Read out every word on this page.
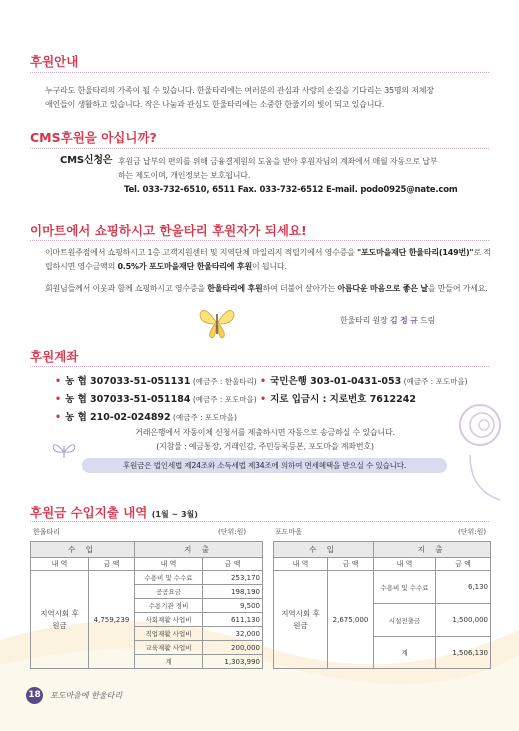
후원안내
누구라도 한울타리의 가족이 될 수 있습니다. 한울타리에는 여러분의 관심과 사랑의 손길을 기다리는 35명의 저체장
애인들이 생활하고 있습니다. 작은 나눔과 관심도 한울타리에는 소중한 한줄기의 빛이 되고 있습니다.
CMS후원을 아십니까?
CMS신청은 후원금 납부의 편의를 위해 금융결제원의 도움을 받아 후원자님의 계좌에서 매월 자동으로 납부
하는 제도이며, 개인정보는 보호됩니다.
Tel. 033-732-6510, 6511 Fax. 033-732-6512 E-mail. podo0925@nate.com
이마트에서 쇼핑하시고 한울타리 후원자가 되세요!
이마트원주점에서 쇼핑하시고 1층 고객지원센터 및 지역단체 마일리지 적립기에서 영수증을 "포도마을재단 한울타리(149번)"로 적립하시면 영수금액의 0.5%가 포도마을재단 한울타리에 후원이 됩니다.
회원님들께서 이웃과 함께 쇼핑하시고 영수증을 한울타리에 후원하여 더불어 살아가는 아름다운 마음으로 좋은 날을 만들어 가세요.
한울타리 원장 김 정 규 드림
후원계좌
• 농 협 307033-51-051131 (예금주 : 한울타리) • 국민은행 303-01-0431-053 (예금주 : 포도마을)
• 농 협 307033-51-051184 (예금주 : 포도마을) • 지로 입금시 : 지로번호 7612242
• 농 협 210-02-024892 (예금주 : 포도마을)
거래은행에서 자동이체 신청서를 제출하시면 자동으로 송금하실 수 있습니다.
(지참물 : 예금통장, 거래인감, 주민등록등본, 포도마을 계좌번호)
후원금은 법인세법 제24조와 소득세법 제34조에 의하여 면세혜택을 받으실 수 있습니다.
후원금 수입지출 내역 (1월 ~ 3월)
한울타리	(단위:원)	포도마을	(단위:원)
수 입		지 출	
내 역	금 액	내 역	금 액

지역시회 후원금	4,759,239	수용비 및 수수료	253,170
		공공요금	198,190
		수용기관 경비	9,500
		사회재활 사업비	611,130
		직업재활 사업비	32,000
		교육재활 사업비	200,000
		계	1,303,990
수 입		지 출	
내 역	금 액	내 역	금 액

지역시회 후원금	2,675,000	수용비 및 수수료	6,130
		시설전출금	1,500,000
		계	1,506,130
18 포도마을에 한울타리
